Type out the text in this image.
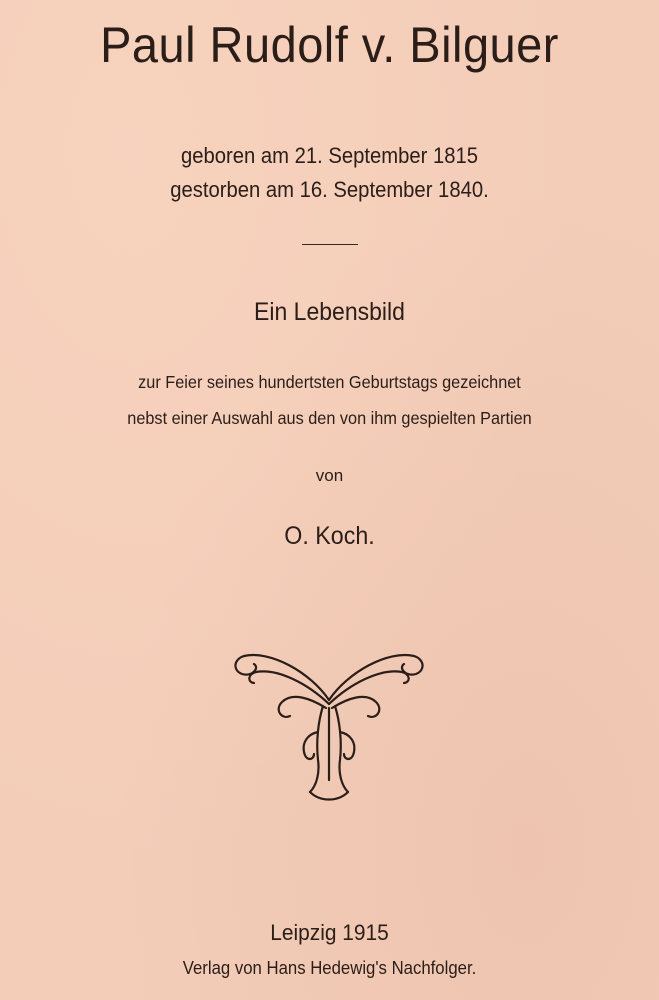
Paul Rudolf v. Bilguer
geboren am 21. September 1815
gestorben am 16. September 1840.
Ein Lebensbild
zur Feier seines hundertsten Geburtstags gezeichnet
nebst einer Auswahl aus den von ihm gespielten Partien
von
O. Koch.
Leipzig 1915
Verlag von Hans Hedewig's Nachfolger.
